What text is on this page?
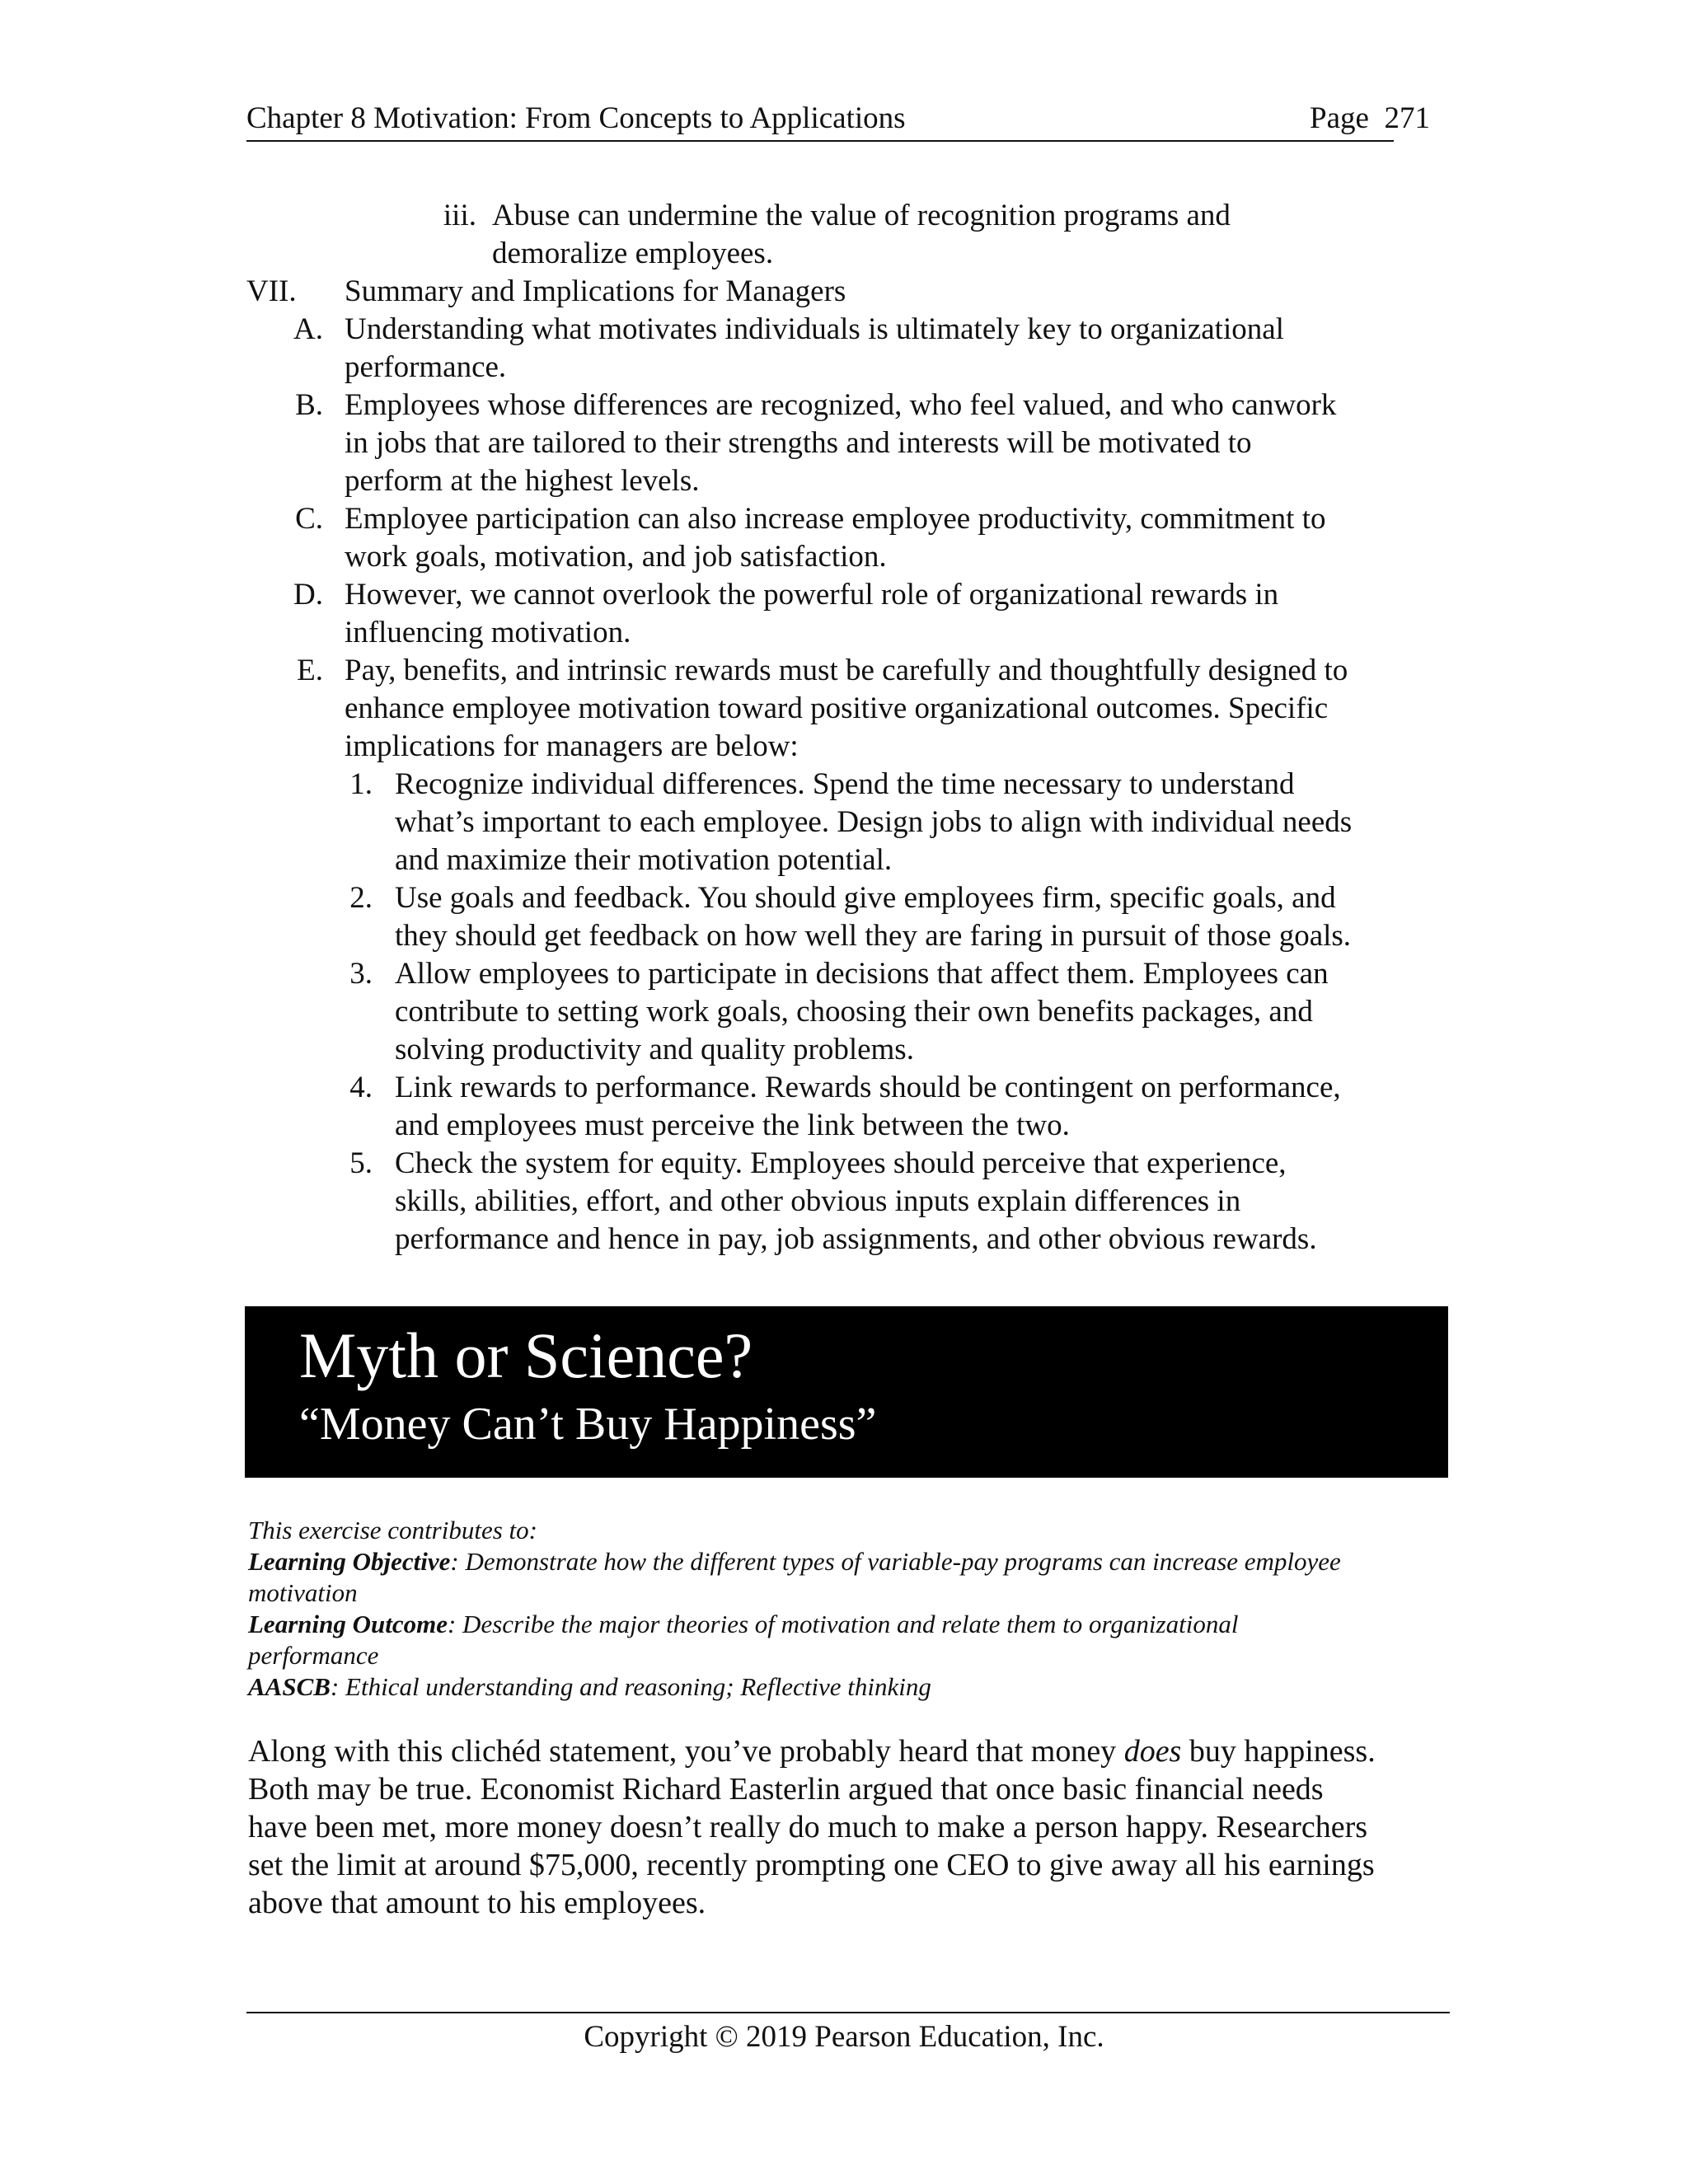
Chapter 8 Motivation: From Concepts to Applications	Page 271
iii. Abuse can undermine the value of recognition programs and
demoralize employees.
VII. Summary and Implications for Managers
A. Understanding what motivates individuals is ultimately key to organizational
performance.
B. Employees whose differences are recognized, who feel valued, and who canwork
in jobs that are tailored to their strengths and interests will be motivated to
perform at the highest levels.
C. Employee participation can also increase employee productivity, commitment to
work goals, motivation, and job satisfaction.
D. However, we cannot overlook the powerful role of organizational rewards in
influencing motivation.
E. Pay, benefits, and intrinsic rewards must be carefully and thoughtfully designed to
enhance employee motivation toward positive organizational outcomes. Specific
implications for managers are below:
1. Recognize individual differences. Spend the time necessary to understand
what’s important to each employee. Design jobs to align with individual needs
and maximize their motivation potential.
2. Use goals and feedback. You should give employees firm, specific goals, and
they should get feedback on how well they are faring in pursuit of those goals.
3. Allow employees to participate in decisions that affect them. Employees can
contribute to setting work goals, choosing their own benefits packages, and
solving productivity and quality problems.
4. Link rewards to performance. Rewards should be contingent on performance,
and employees must perceive the link between the two.
5. Check the system for equity. Employees should perceive that experience,
skills, abilities, effort, and other obvious inputs explain differences in
performance and hence in pay, job assignments, and other obvious rewards.
Myth or Science?
“Money Can’t Buy Happiness”
This exercise contributes to:
Learning Objective: Demonstrate how the different types of variable-pay programs can increase employee
motivation
Learning Outcome: Describe the major theories of motivation and relate them to organizational
performance
AASCB: Ethical understanding and reasoning; Reflective thinking
Along with this clichéd statement, you’ve probably heard that money does buy happiness.
Both may be true. Economist Richard Easterlin argued that once basic financial needs
have been met, more money doesn’t really do much to make a person happy. Researchers
set the limit at around $75,000, recently prompting one CEO to give away all his earnings
above that amount to his employees.
Copyright © 2019 Pearson Education, Inc.
